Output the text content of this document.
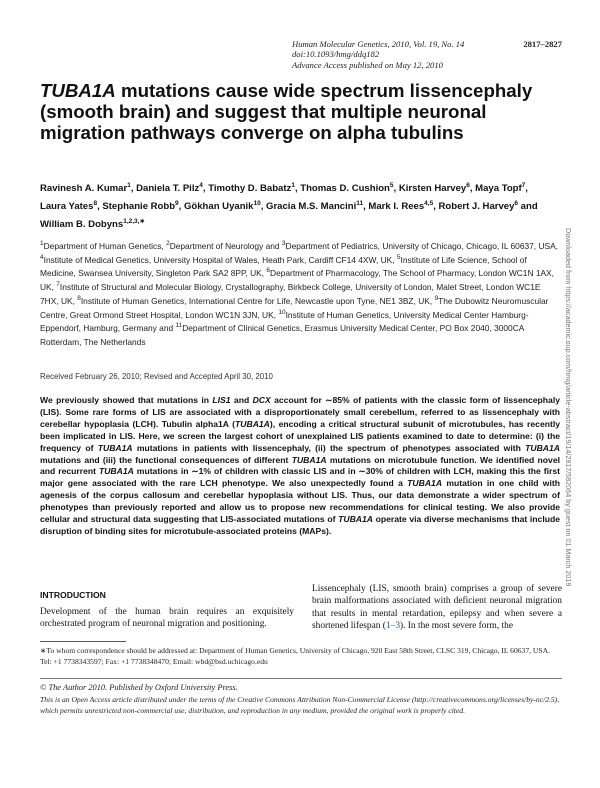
Human Molecular Genetics, 2010, Vol. 19, No. 14	2817–2827
doi:10.1093/hmg/ddq182
Advance Access published on May 12, 2010
TUBA1A mutations cause wide spectrum lissencephaly (smooth brain) and suggest that multiple neuronal migration pathways converge on alpha tubulins
Ravinesh A. Kumar$^1$, Daniela T. Pilz$^4$, Timothy D. Babatz$^1$, Thomas D. Cushion$^5$, Kirsten Harvey$^6$, Maya Topf$^7$, Laura Yates$^8$, Stephanie Robb$^9$, Gökhan Uyanik$^{10}$, Gracia M.S. Mancini$^{11}$, Mark I. Rees$^{4,5}$, Robert J. Harvey$^6$ and William B. Dobyns$^{1,2,3,∗}$
$^1$Department of Human Genetics, $^2$Department of Neurology and $^3$Department of Pediatrics, University of Chicago, Chicago, IL 60637, USA, $^4$Institute of Medical Genetics, University Hospital of Wales, Heath Park, Cardiff CF14 4XW, UK, $^5$Institute of Life Science, School of Medicine, Swansea University, Singleton Park SA2 8PP, UK, $^6$Department of Pharmacology, The School of Pharmacy, London WC1N 1AX, UK, $^7$Institute of Structural and Molecular Biology, Crystallography, Birkbeck College, University of London, Malet Street, London WC1E 7HX, UK, $^8$Institute of Human Genetics, International Centre for Life, Newcastle upon Tyne, NE1 3BZ, UK, $^9$The Dubowitz Neuromuscular Centre, Great Ormond Street Hospital, London WC1N 3JN, UK, $^{10}$Institute of Human Genetics, University Medical Center Hamburg-Eppendorf, Hamburg, Germany and $^{11}$Department of Clinical Genetics, Erasmus University Medical Center, PO Box 2040, 3000CA Rotterdam, The Netherlands
Received February 26, 2010; Revised and Accepted April 30, 2010

We previously showed that mutations in LIS1 and DCX account for ∼85% of patients with the classic form of lissencephaly (LIS). Some rare forms of LIS are associated with a disproportionately small cerebellum, referred to as lissencephaly with cerebellar hypoplasia (LCH). Tubulin alpha1A (TUBA1A), encoding a critical structural subunit of microtubules, has recently been implicated in LIS. Here, we screen the largest cohort of unexplained LIS patients examined to date to determine: (i) the frequency of TUBA1A mutations in patients with lissencephaly, (ii) the spectrum of phenotypes associated with TUBA1A mutations and (iii) the functional consequences of different TUBA1A mutations on microtubule function. We identified novel and recurrent TUBA1A mutations in ∼1% of children with classic LIS and in ∼30% of children with LCH, making this the first major gene associated with the rare LCH phenotype. We also unexpectedly found a TUBA1A mutation in one child with agenesis of the corpus callosum and cerebellar hypoplasia without LIS. Thus, our data demonstrate a wider spectrum of phenotypes than previously reported and allow us to propose new recommendations for clinical testing. We also provide cellular and structural data suggesting that LIS-associated mutations of TUBA1A operate via diverse mechanisms that include disruption of binding sites for microtubule-associated proteins (MAPs).

INTRODUCTION

Development of the human brain requires an exquisitely orchestrated program of neuronal migration and positioning.

Lissencephaly (LIS, smooth brain) comprises a group of severe brain malformations associated with deficient neuronal migration that results in mental retardation, epilepsy and when severe a shortened lifespan (1–3). In the most severe form, the

∗To whom correspondence should be addressed at: Department of Human Genetics, University of Chicago, 920 East 58th Street, CLSC 319, Chicago, IL 60637, USA. Tel: +1 7738343597; Fax: +1 7738348470; Email: wbd@bsd.uchicago.edu
© The Author 2010. Published by Oxford University Press.
This is an Open Access article distributed under the terms of the Creative Commons Attribution Non-Commercial License (http://creativecommons.org/licenses/by-nc/2.5), which permits unrestricted non-commercial use, distribution, and reproduction in any medium, provided the original work is properly cited.
Downloaded from https://academic.oup.com/hmg/article-abstract/19/14/2817/582064 by guest on 01 March 2019
